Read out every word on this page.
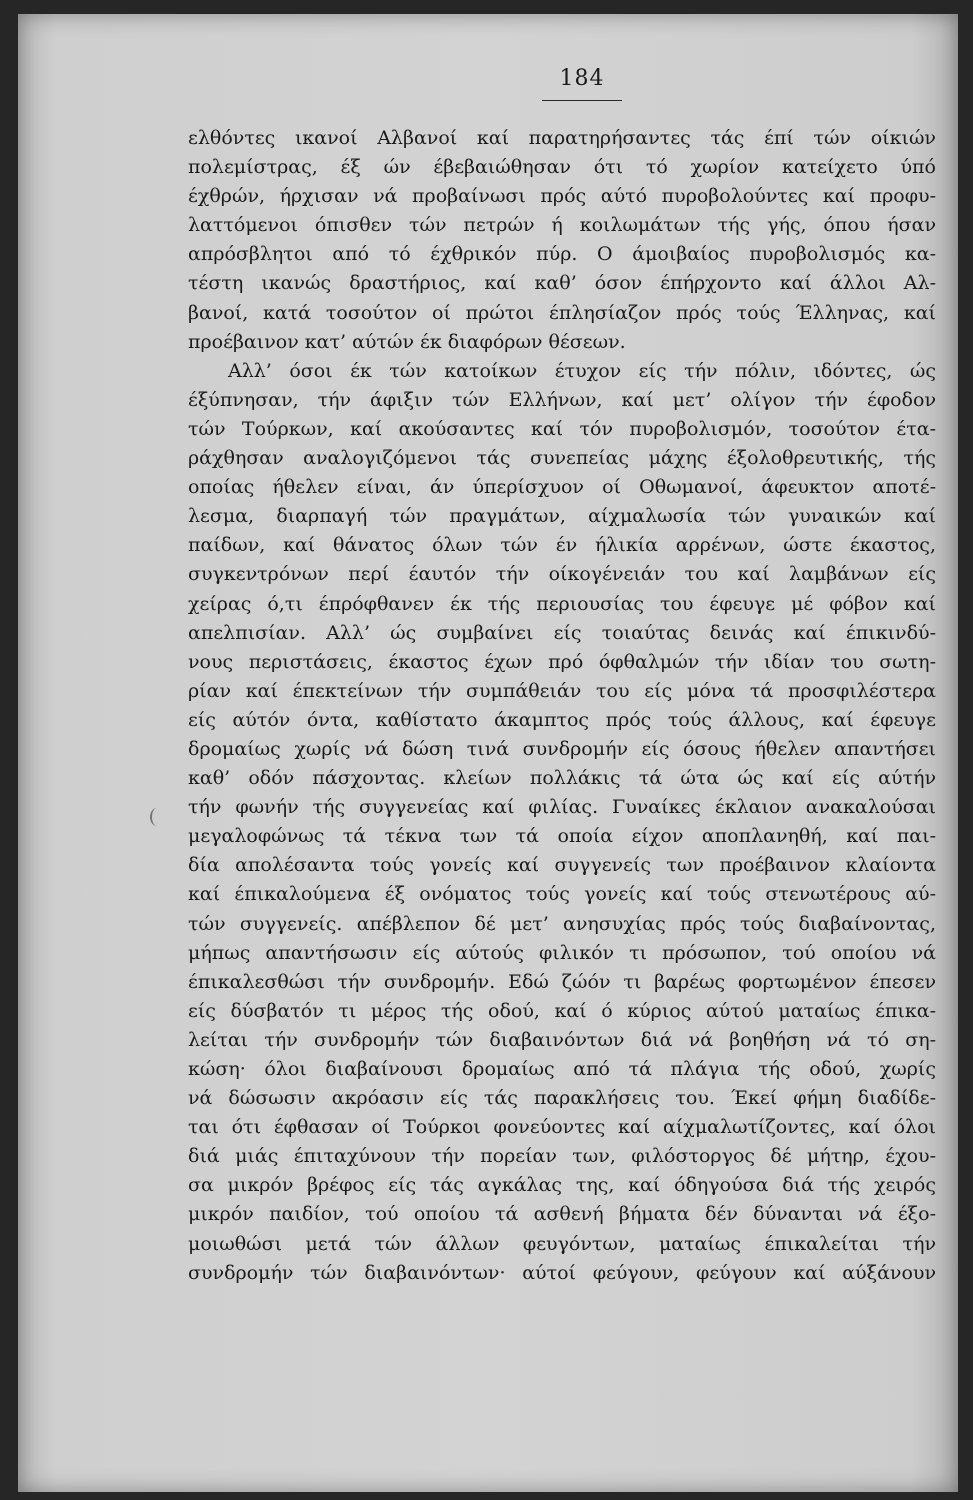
184
ελθόντες ικανοί Αλβανοί καί παρατηρήσαντες τάς έπί τών οίκιών
πολεμίστρας, έξ ών έβεβαιώθησαν ότι τό χωρίον κατείχετο ύπό
έχθρών, ήρχισαν νά προβαίνωσι πρός αύτό πυροβολούντες καί προφυ-
λαττόμενοι όπισθεν τών πετρών ή κοιλωμάτων τής γής, όπου ήσαν
απρόσβλητοι από τό έχθρικόν πύρ. Ο άμοιβαίος πυροβολισμός κα-
τέστη ικανώς δραστήριος, καί καθ’ όσον έπήρχοντο καί άλλοι Αλ-
βανοί, κατά τοσούτον οί πρώτοι έπλησίαζον πρός τούς Έλληνας, καί
προέβαινον κατ’ αύτών έκ διαφόρων θέσεων.
Αλλ’ όσοι έκ τών κατοίκων έτυχον είς τήν πόλιν, ιδόντες, ώς
έξύπνησαν, τήν άφιξιν τών Ελλήνων, καί μετ’ ολίγον τήν έφοδον
τών Τούρκων, καί ακούσαντες καί τόν πυροβολισμόν, τοσούτον έτα-
ράχθησαν αναλογιζόμενοι τάς συνεπείας μάχης έξολοθρευτικής, τής
οποίας ήθελεν είναι, άν ύπερίσχυον οί Οθωμανοί, άφευκτον αποτέ-
λεσμα, διαρπαγή τών πραγμάτων, αίχμαλωσία τών γυναικών καί
παίδων, καί θάνατος όλων τών έν ήλικία αρρένων, ώστε έκαστος,
συγκεντρόνων περί έαυτόν τήν οίκογένειάν του καί λαμβάνων είς
χείρας ό,τι έπρόφθανεν έκ τής περιουσίας του έφευγε μέ φόβον καί
απελπισίαν. Αλλ’ ώς συμβαίνει είς τοιαύτας δεινάς καί έπικινδύ-
νους περιστάσεις, έκαστος έχων πρό όφθαλμών τήν ιδίαν του σωτη-
ρίαν καί έπεκτείνων τήν συμπάθειάν του είς μόνα τά προσφιλέστερα
είς αύτόν όντα, καθίστατο άκαμπτος πρός τούς άλλους, καί έφευγε
δρομαίως χωρίς νά δώση τινά συνδρομήν είς όσους ήθελεν απαντήσει
καθ’ οδόν πάσχοντας. κλείων πολλάκις τά ώτα ώς καί είς αύτήν
τήν φωνήν τής συγγενείας καί φιλίας. Γυναίκες έκλαιον ανακαλούσαι
μεγαλοφώνως τά τέκνα των τά οποία είχον αποπλανηθή, καί παι-
δία απολέσαντα τούς γονείς καί συγγενείς των προέβαινον κλαίοντα
καί έπικαλούμενα έξ ονόματος τούς γονείς καί τούς στενωτέρους αύ-
τών συγγενείς. απέβλεπον δέ μετ’ ανησυχίας πρός τούς διαβαίνοντας,
μήπως απαντήσωσιν είς αύτούς φιλικόν τι πρόσωπον, τού οποίου νά
έπικαλεσθώσι τήν συνδρομήν. Εδώ ζώόν τι βαρέως φορτωμένον έπεσεν
είς δύσβατόν τι μέρος τής οδού, καί ό κύριος αύτού ματαίως έπικα-
λείται τήν συνδρομήν τών διαβαινόντων διά νά βοηθήση νά τό ση-
κώση· όλοι διαβαίνουσι δρομαίως από τά πλάγια τής οδού, χωρίς
νά δώσωσιν ακρόασιν είς τάς παρακλήσεις του. Έκεί φήμη διαδίδε-
ται ότι έφθασαν οί Τούρκοι φονεύοντες καί αίχμαλωτίζοντες, καί όλοι
διά μιάς έπιταχύνουν τήν πορείαν των, φιλόστοργος δέ μήτηρ, έχου-
σα μικρόν βρέφος είς τάς αγκάλας της, καί όδηγούσα διά τής χειρός
μικρόν παιδίον, τού οποίου τά ασθενή βήματα δέν δύνανται νά έξο-
μοιωθώσι μετά τών άλλων φευγόντων, ματαίως έπικαλείται τήν
συνδρομήν τών διαβαινόντων· αύτοί φεύγουν, φεύγουν καί αύξάνουν
